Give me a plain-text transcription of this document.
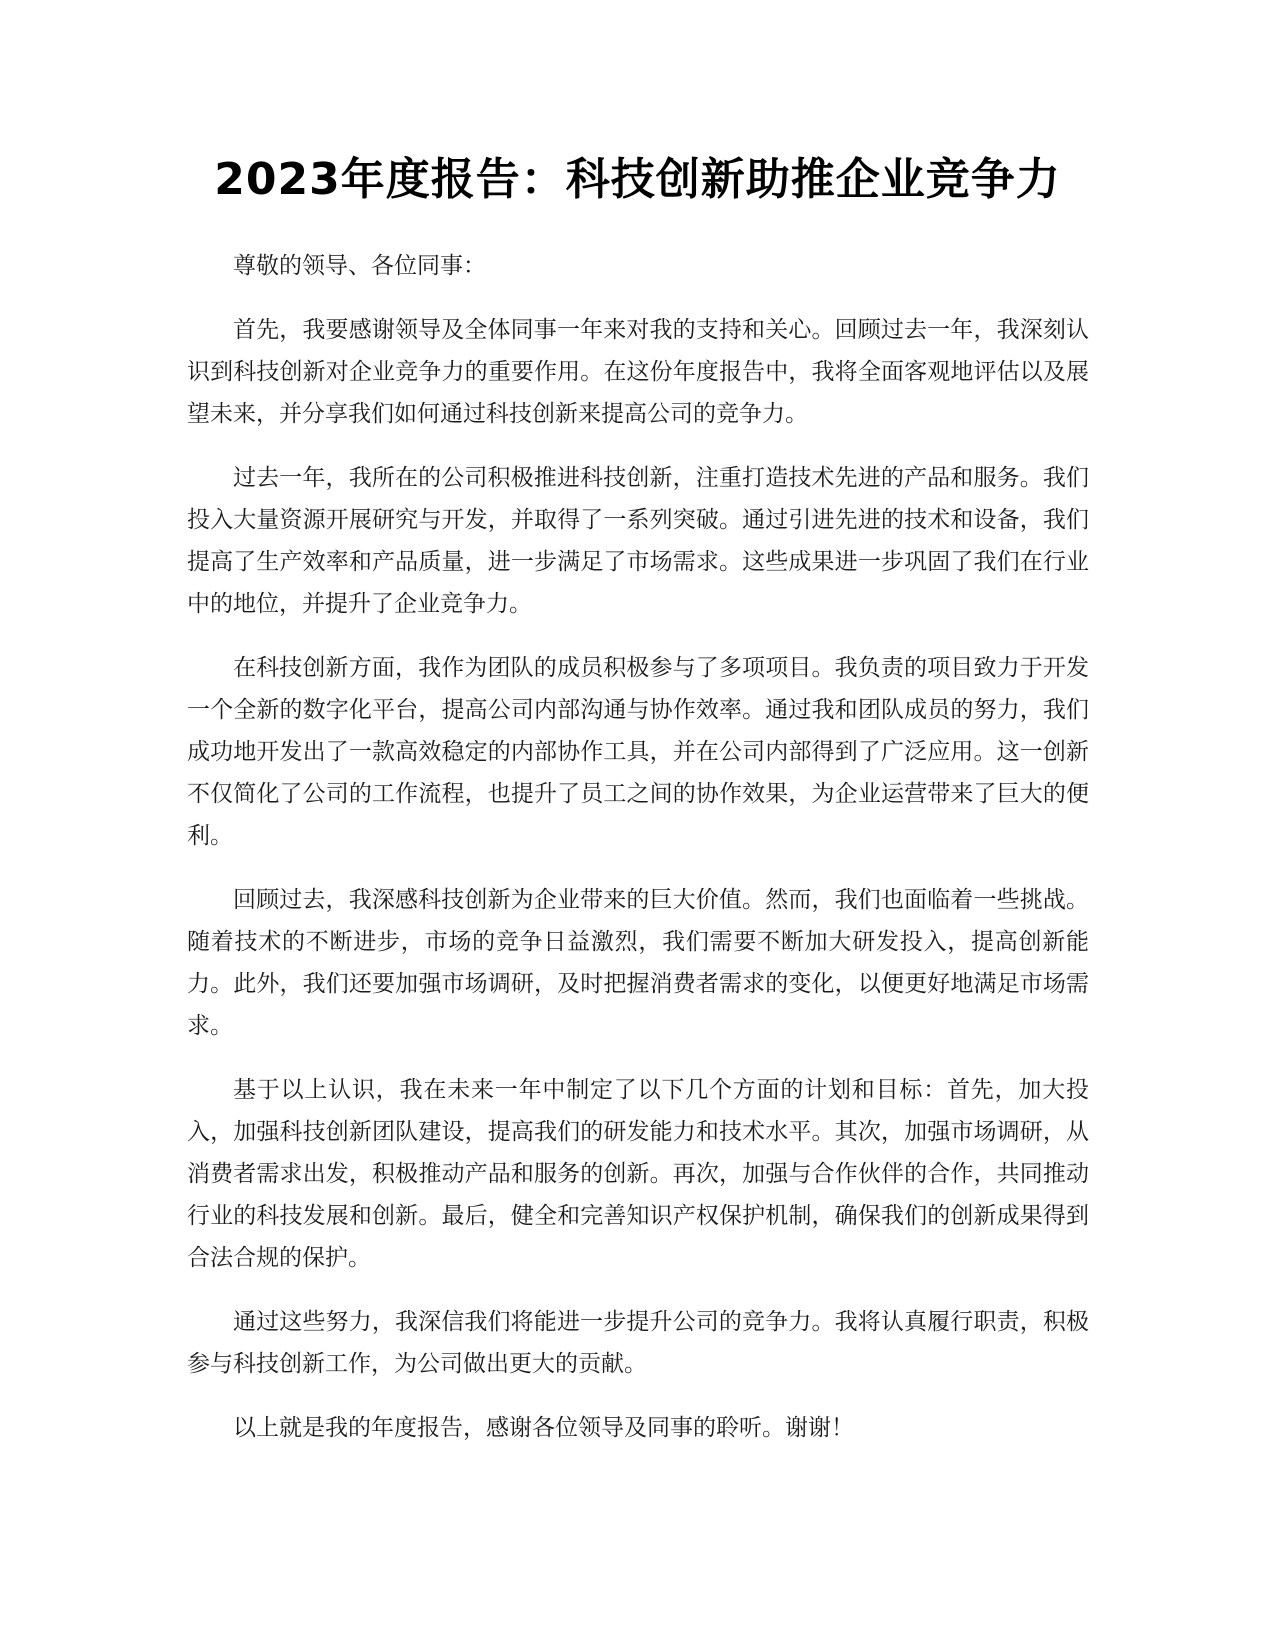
2023年度报告：科技创新助推企业竞争力

尊敬的领导、各位同事：

首先，我要感谢领导及全体同事一年来对我的支持和关心。回顾过去一年，我深刻认识到科技创新对企业竞争力的重要作用。在这份年度报告中，我将全面客观地评估以及展望未来，并分享我们如何通过科技创新来提高公司的竞争力。

过去一年，我所在的公司积极推进科技创新，注重打造技术先进的产品和服务。我们投入大量资源开展研究与开发，并取得了一系列突破。通过引进先进的技术和设备，我们提高了生产效率和产品质量，进一步满足了市场需求。这些成果进一步巩固了我们在行业中的地位，并提升了企业竞争力。

在科技创新方面，我作为团队的成员积极参与了多项项目。我负责的项目致力于开发一个全新的数字化平台，提高公司内部沟通与协作效率。通过我和团队成员的努力，我们成功地开发出了一款高效稳定的内部协作工具，并在公司内部得到了广泛应用。这一创新不仅简化了公司的工作流程，也提升了员工之间的协作效果，为企业运营带来了巨大的便利。

回顾过去，我深感科技创新为企业带来的巨大价值。然而，我们也面临着一些挑战。随着技术的不断进步，市场的竞争日益激烈，我们需要不断加大研发投入，提高创新能力。此外，我们还要加强市场调研，及时把握消费者需求的变化，以便更好地满足市场需求。

基于以上认识，我在未来一年中制定了以下几个方面的计划和目标：首先，加大投入，加强科技创新团队建设，提高我们的研发能力和技术水平。其次，加强市场调研，从消费者需求出发，积极推动产品和服务的创新。再次，加强与合作伙伴的合作，共同推动行业的科技发展和创新。最后，健全和完善知识产权保护机制，确保我们的创新成果得到合法合规的保护。

通过这些努力，我深信我们将能进一步提升公司的竞争力。我将认真履行职责，积极参与科技创新工作，为公司做出更大的贡献。

以上就是我的年度报告，感谢各位领导及同事的聆听。谢谢！
